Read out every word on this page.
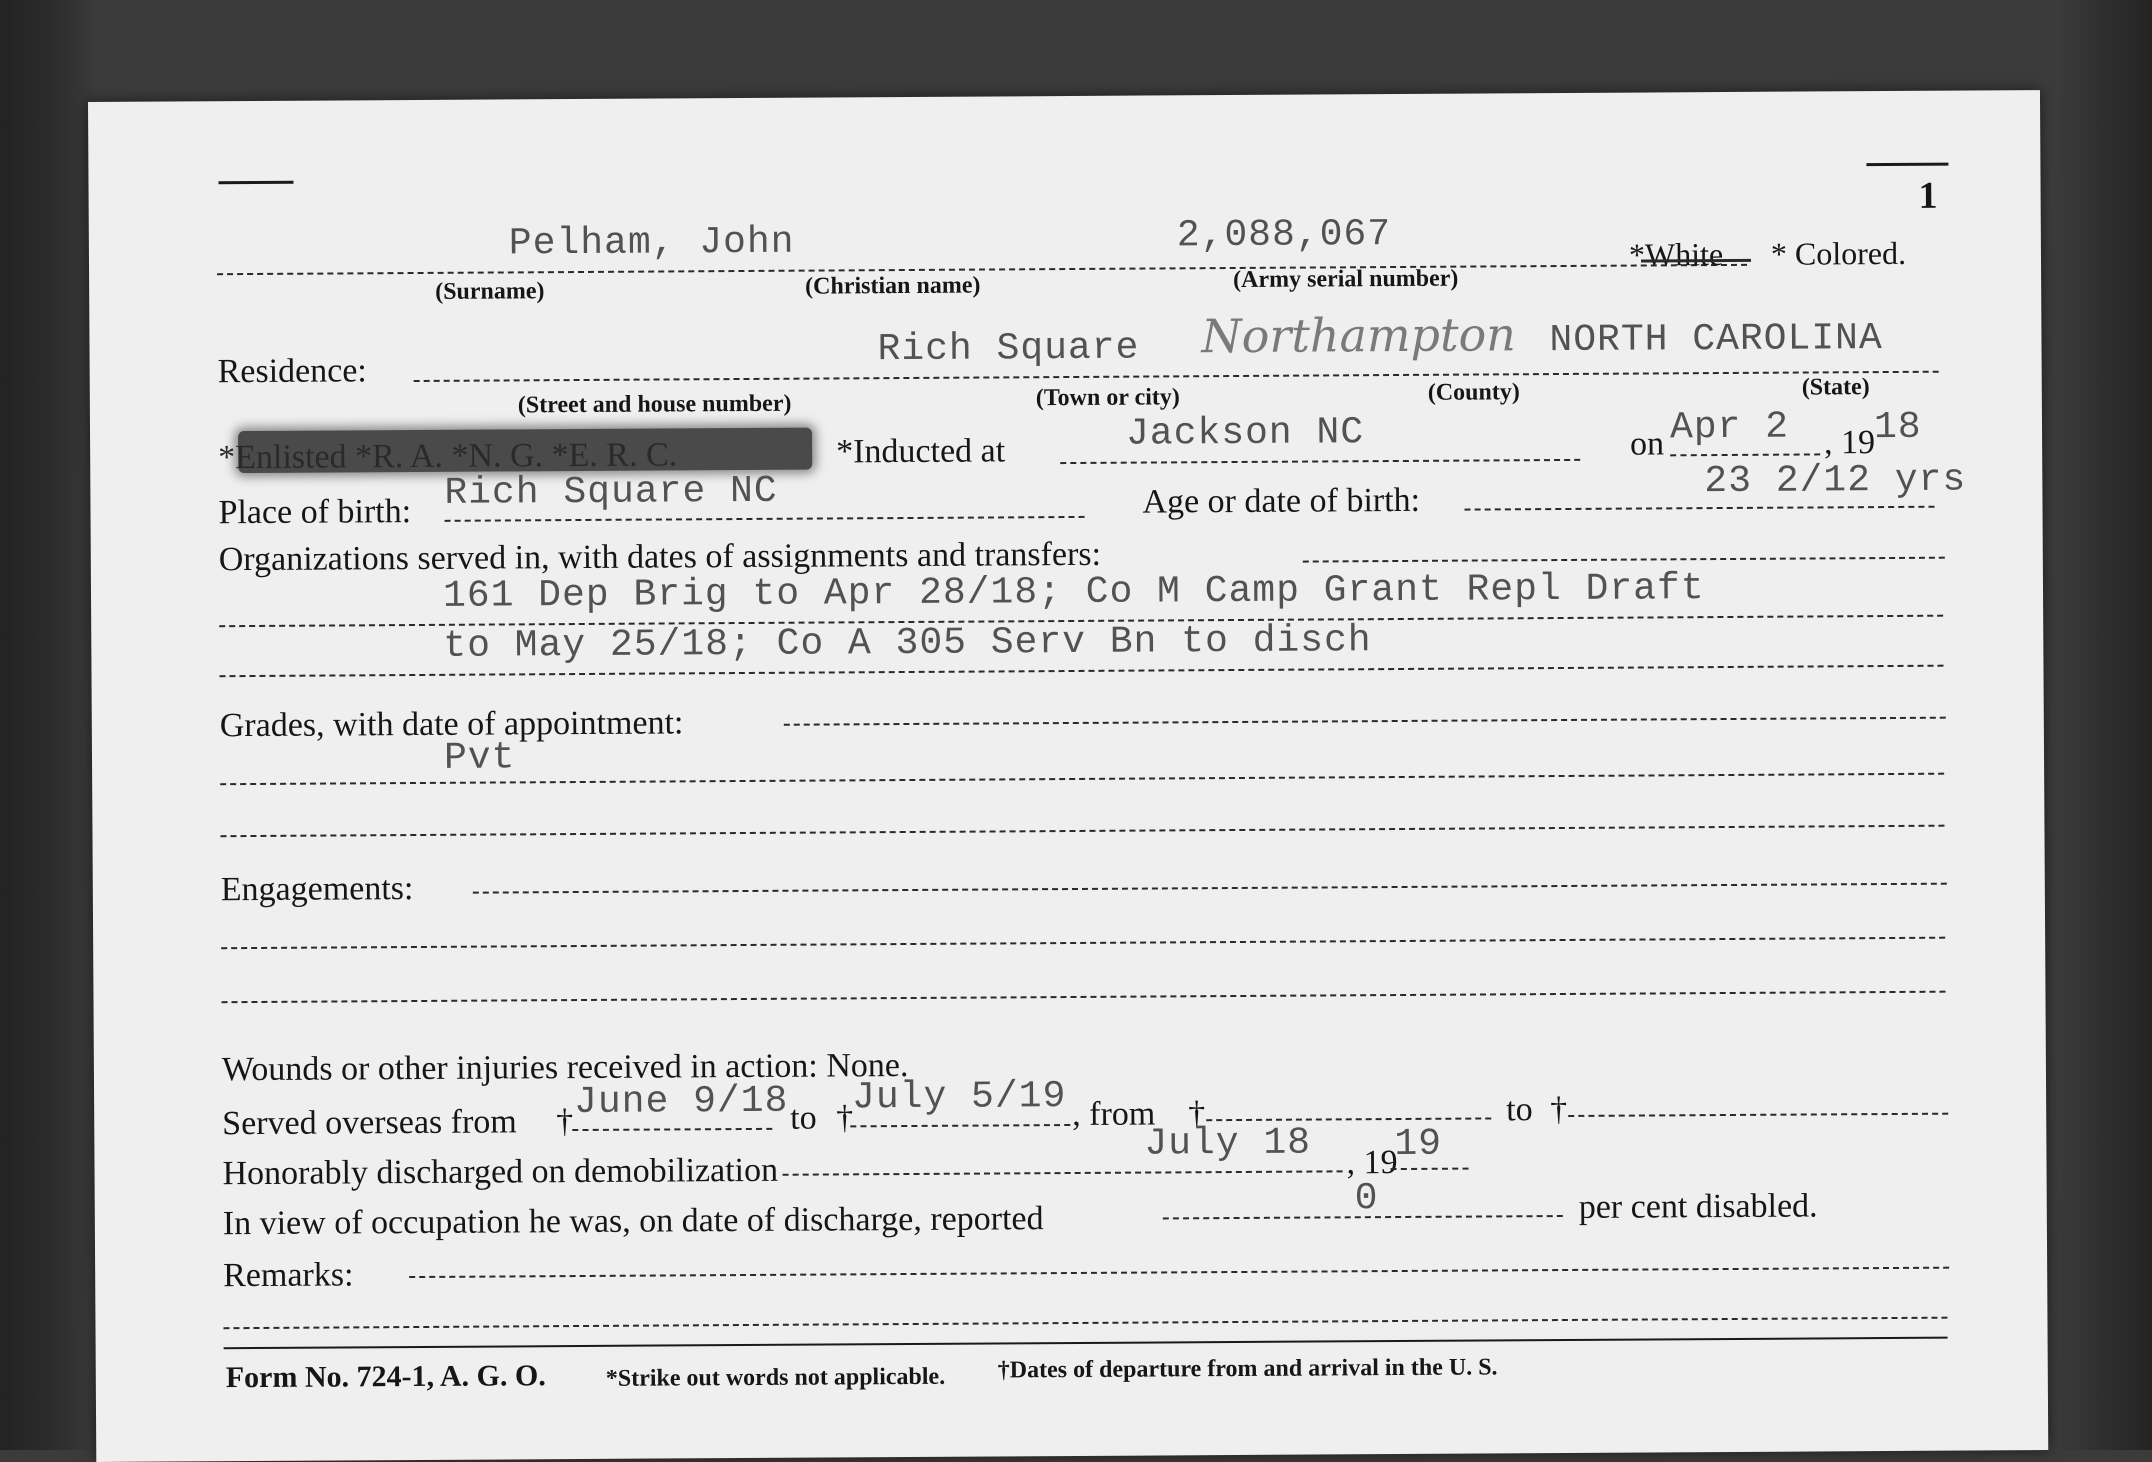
1
Pelham, John	2,088,067	*White * Colored.
(Surname)	(Christian name)	(Army serial number)
Residence:
Rich Square Northampton NORTH CAROLINA
(Street and house number)	(Town or city)	(County)	(State)
*Enlisted *R. A. *N. G. *E. R. C.	*Inducted at	Jackson NC	on Apr 2 , 19
18
Place of birth: Rich Square NC	Age or date of birth:	23 2/12 yrs
Organizations served in, with dates of assignments and transfers:
161 Dep Brig to Apr 28/18; Co M Camp Grant Repl Draft
to May 25/18; Co A 305 Serv Bn to disch
Grades, with date of appointment:
Pvt
Engagements:
Wounds or other injuries received in action: None.
Served overseas from † June 9/18 to †
July 5/19 , from †	to †
Honorably discharged on demobilization
July 18 , 19
19
In view of occupation he was, on date of discharge, reported
0	per cent disabled.
Remarks:
Form No. 724-1, A. G. O. *Strike out words not applicable. †Dates of departure from and arrival in the U. S.
